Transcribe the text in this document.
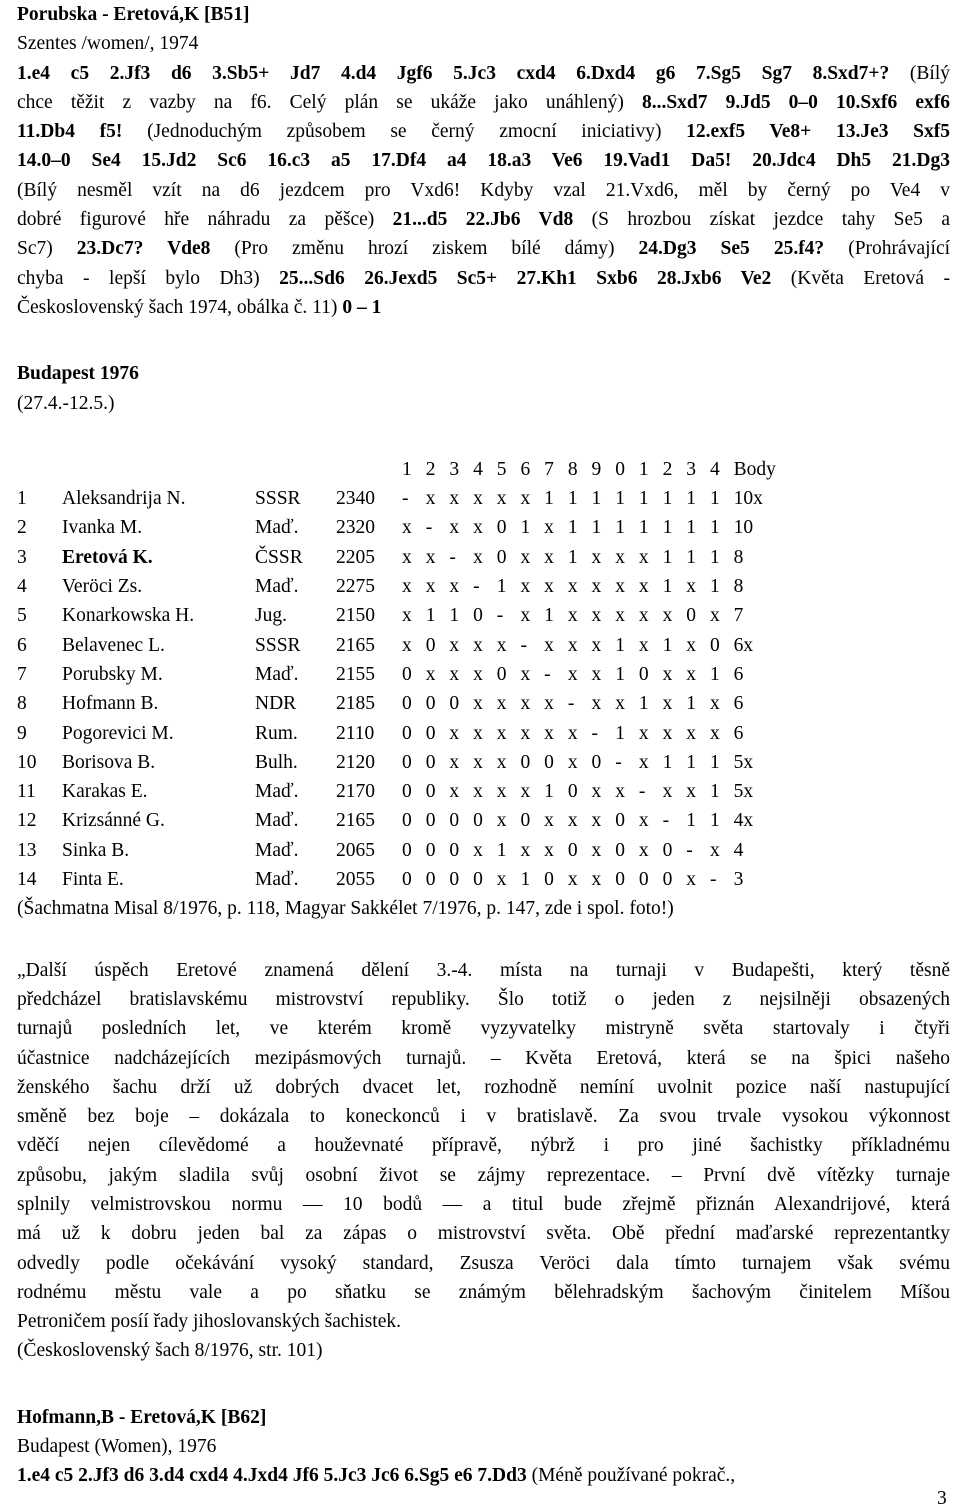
Porubska - Eretová,K [B51]
Szentes /women/, 1974
1.e4 c5 2.Jf3 d6 3.Sb5+ Jd7 4.d4 Jgf6 5.Jc3 cxd4 6.Dxd4 g6 7.Sg5 Sg7 8.Sxd7+? (Bílý
chce těžit z vazby na f6. Celý plán se ukáže jako unáhlený) 8...Sxd7 9.Jd5 0–0 10.Sxf6 exf6
11.Db4 f5! (Jednoduchým způsobem se černý zmocní iniciativy) 12.exf5 Ve8+ 13.Je3 Sxf5
14.0–0 Se4 15.Jd2 Sc6 16.c3 a5 17.Df4 a4 18.a3 Ve6 19.Vad1 Da5! 20.Jdc4 Dh5 21.Dg3
(Bílý nesměl vzít na d6 jezdcem pro Vxd6! Kdyby vzal 21.Vxd6, měl by černý po Ve4 v
dobré figurové hře náhradu za pěšce) 21...d5 22.Jb6 Vd8 (S hrozbou získat jezdce tahy Se5 a
Sc7) 23.Dc7? Vde8 (Pro změnu hrozí ziskem bílé dámy) 24.Dg3 Se5 25.f4? (Prohrávající
chyba - lepší bylo Dh3) 25...Sd6 26.Jexd5 Sc5+ 27.Kh1 Sxb6 28.Jxb6 Ve2 (Květa Eretová -
Československý šach 1974, obálka č. 11) 0 – 1
Budapest 1976
(27.4.-12.5.)
				1	2	3	4	5	6	7	8	9	0	1	2	3	4	Body
1	Aleksandrija N.	SSSR	2340	-	x	x	x	x	x	1	1	1	1	1	1	1	1	10x
2	Ivanka M.	Maď.	2320	x	-	x	x	0	1	x	1	1	1	1	1	1	1	10
3	Eretová K.	ČSSR	2205	x	x	-	x	0	x	x	1	x	x	x	1	1	1	8
4	Veröci Zs.	Maď.	2275	x	x	x	-	1	x	x	x	x	x	x	1	x	1	8
5	Konarkowska H.	Jug.	2150	x	1	1	0	-	x	1	x	x	x	x	x	0	x	7
6	Belavenec L.	SSSR	2165	x	0	x	x	x	-	x	x	x	1	x	1	x	0	6x
7	Porubsky M.	Maď.	2155	0	x	x	x	0	x	-	x	x	1	0	x	x	1	6
8	Hofmann B.	NDR	2185	0	0	0	x	x	x	x	-	x	x	1	x	1	x	6
9	Pogorevici M.	Rum.	2110	0	0	x	x	x	x	x	x	-	1	x	x	x	x	6
10	Borisova B.	Bulh.	2120	0	0	x	x	x	0	0	x	0	-	x	1	1	1	5x
11	Karakas E.	Maď.	2170	0	0	x	x	x	x	1	0	x	x	-	x	x	1	5x
12	Krizsánné G.	Maď.	2165	0	0	0	0	x	0	x	x	x	0	x	-	1	1	4x
13	Sinka B.	Maď.	2065	0	0	0	x	1	x	x	0	x	0	x	0	-	x	4
14	Finta E.	Maď.	2055	0	0	0	0	x	1	0	x	x	0	0	0	x	-	3
(Šachmatna Misal 8/1976, p. 118, Magyar Sakkélet 7/1976, p. 147, zde i spol. foto!)
„Další úspěch Eretové znamená dělení 3.-4. místa na turnaji v Budapešti, který těsně
předcházel bratislavskému mistrovství republiky. Šlo totiž o jeden z nejsilněji obsazených
turnajů posledních let, ve kterém kromě vyzyvatelky mistryně světa startovaly i čtyři
účastnice nadcházejících mezipásmových turnajů. – Květa Eretová, která se na špici našeho
ženského šachu drží už dobrých dvacet let, rozhodně nemíní uvolnit pozice naší nastupující
směně bez boje – dokázala to koneckonců i v bratislavě. Za svou trvale vysokou výkonnost
vděčí nejen cílevědomé a houževnaté přípravě, nýbrž i pro jiné šachistky příkladnému
způsobu, jakým sladila svůj osobní život se zájmy reprezentace. – První dvě vítězky turnaje
splnily velmistrovskou normu — 10 bodů — a titul bude zřejmě přiznán Alexandrijové, která
má už k dobru jeden bal za zápas o mistrovství světa. Obě přední maďarské reprezentantky
odvedly podle očekávání vysoký standard, Zsusza Veröci dala tímto turnajem však svému
rodnému městu vale a po sňatku se známým bělehradským šachovým činitelem Míšou
Petroničem posíí řady jihoslovanských šachistek.
(Československý šach 8/1976, str. 101)
Hofmann,B - Eretová,K [B62]
Budapest (Women), 1976
1.e4 c5 2.Jf3 d6 3.d4 cxd4 4.Jxd4 Jf6 5.Jc3 Jc6 6.Sg5 e6 7.Dd3 (Méně používané pokrač.,
3
